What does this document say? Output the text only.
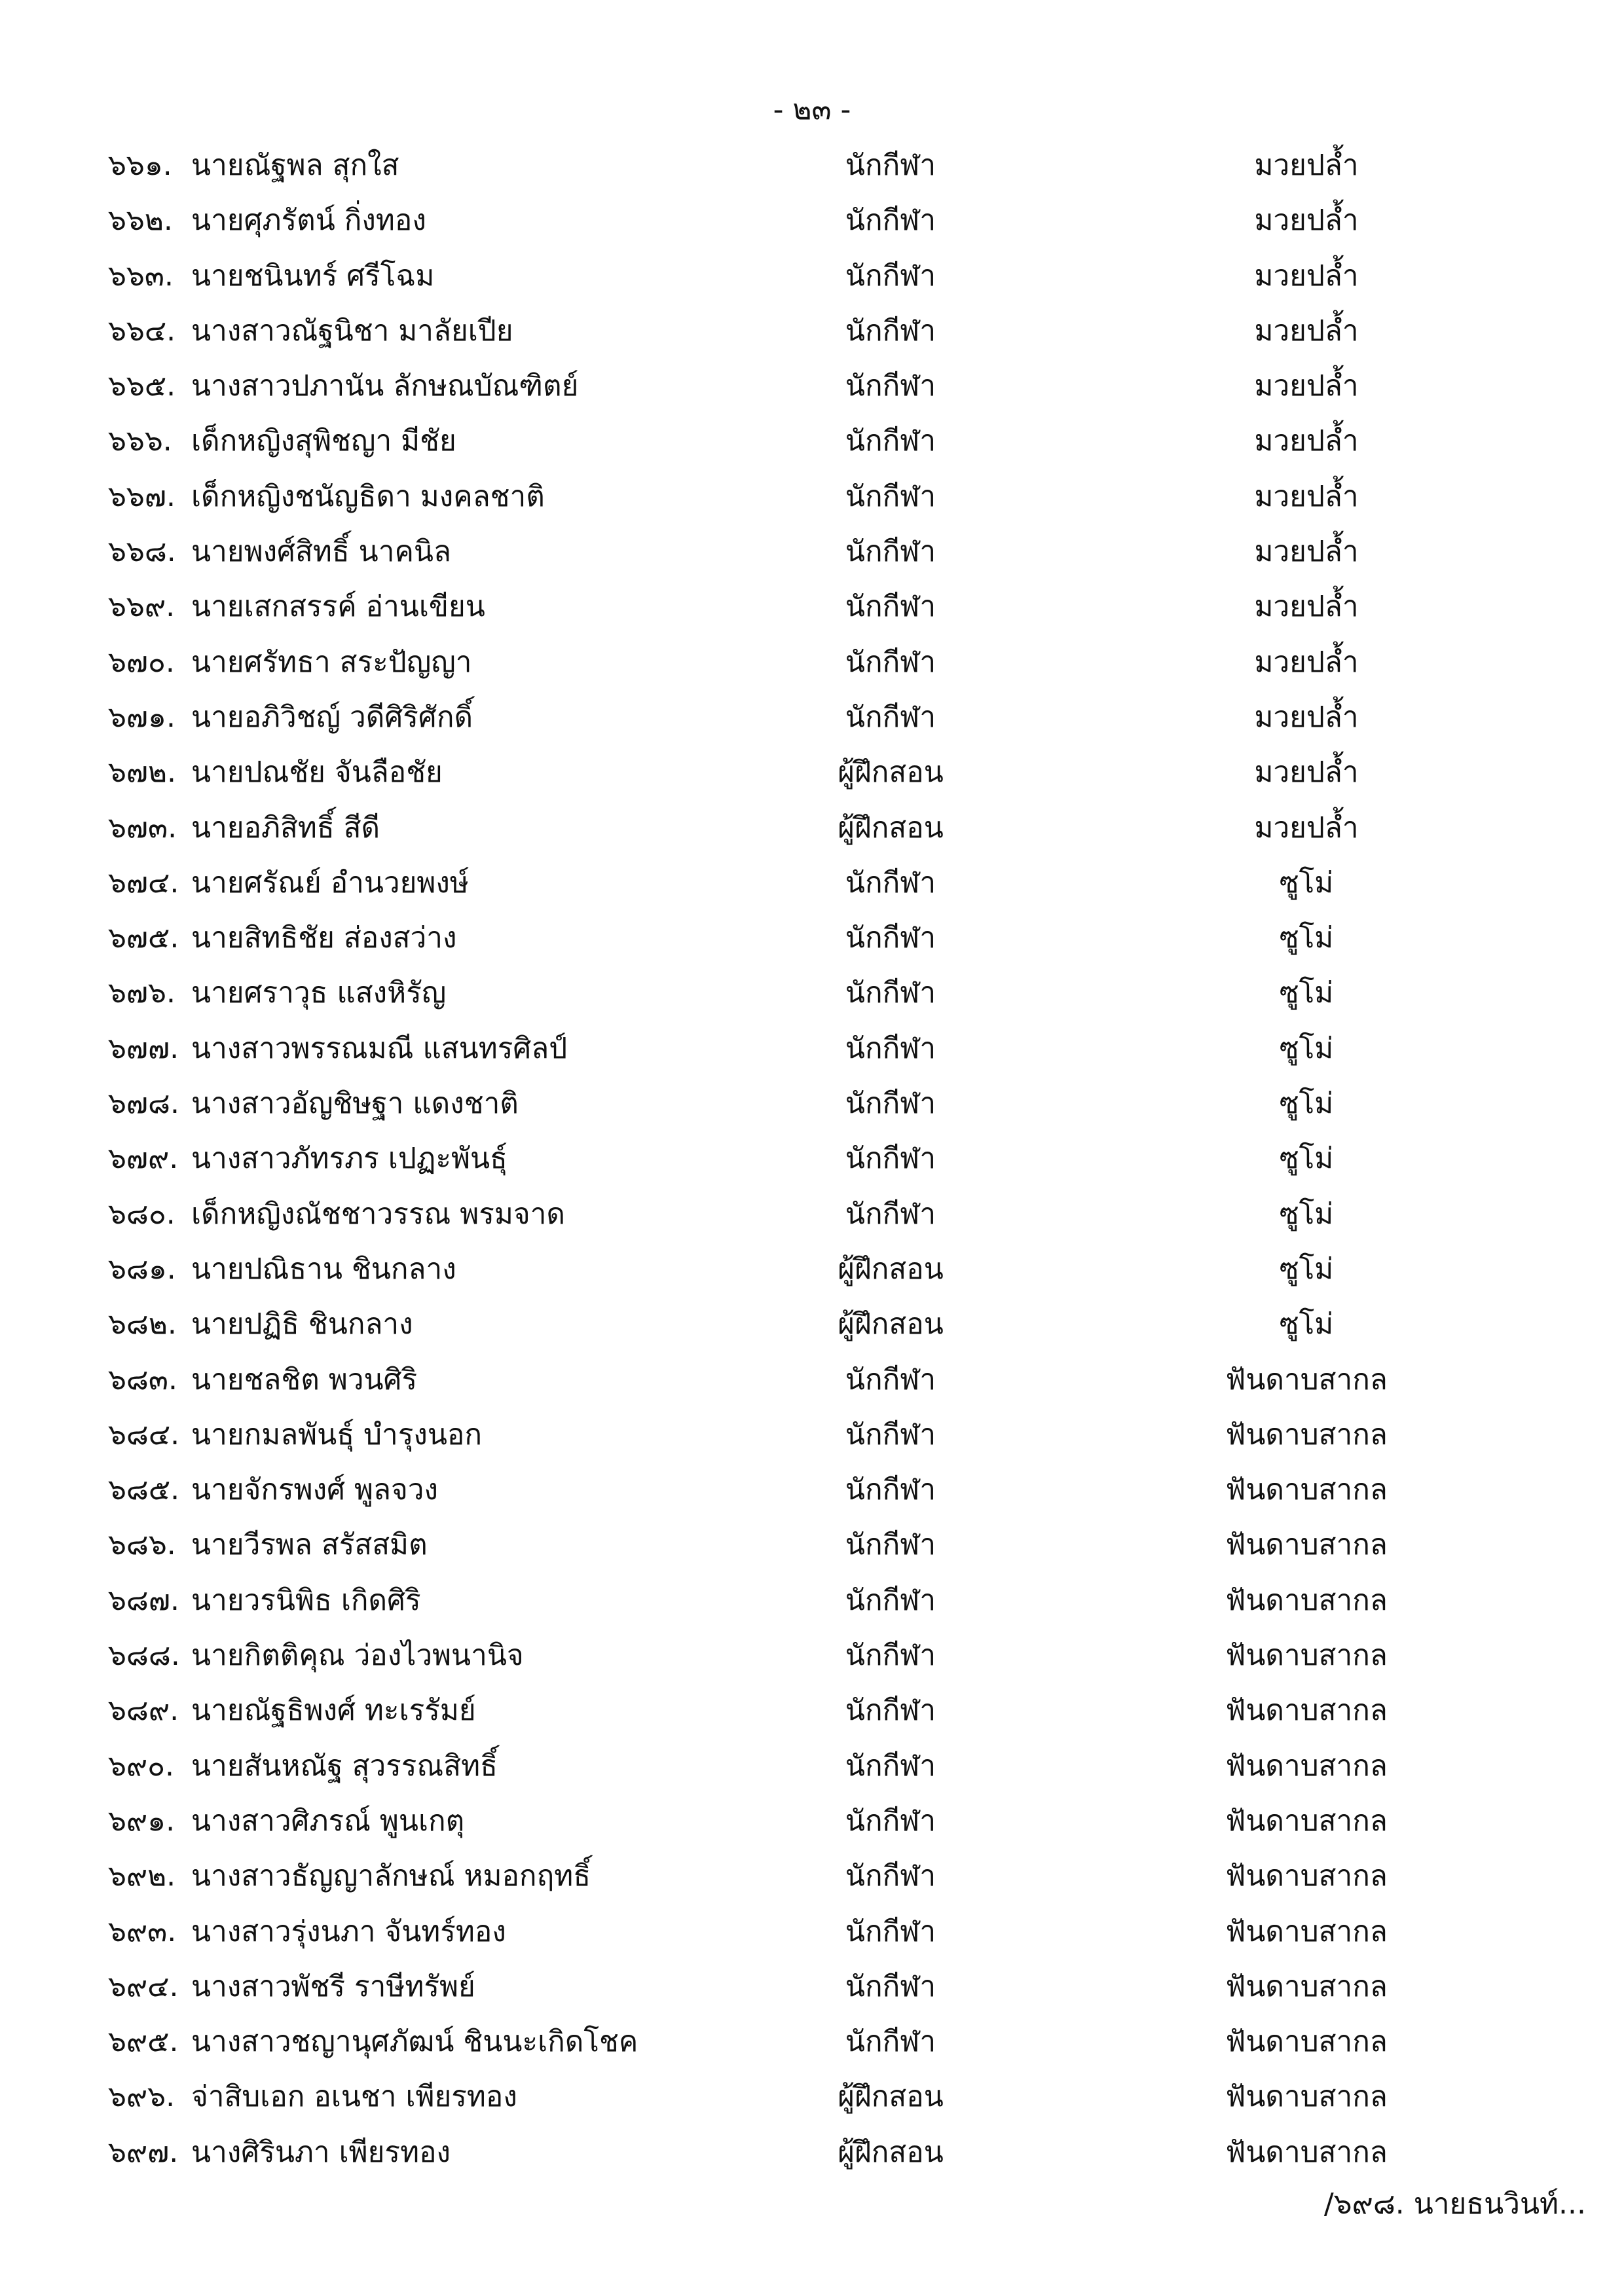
- ๒๓ -
๖๖๑. นายณัฐพล สุกใส	นักกีฬา	มวยปล้ำ
๖๖๒. นายศุภรัตน์ กิ่งทอง	นักกีฬา	มวยปล้ำ
๖๖๓. นายชนินทร์ ศรีโฉม	นักกีฬา	มวยปล้ำ
๖๖๔. นางสาวณัฐนิชา มาลัยเปีย	นักกีฬา	มวยปล้ำ
๖๖๕. นางสาวปภานัน ลักษณบัณฑิตย์	นักกีฬา	มวยปล้ำ
๖๖๖. เด็กหญิงสุพิชญา มีชัย	นักกีฬา	มวยปล้ำ
๖๖๗. เด็กหญิงชนัญธิดา มงคลชาติ	นักกีฬา	มวยปล้ำ
๖๖๘. นายพงศ์สิทธิ์ นาคนิล	นักกีฬา	มวยปล้ำ
๖๖๙. นายเสกสรรค์ อ่านเขียน	นักกีฬา	มวยปล้ำ
๖๗๐. นายศรัทธา สระปัญญา	นักกีฬา	มวยปล้ำ
๖๗๑. นายอภิวิชญ์ วดีศิริศักดิ์	นักกีฬา	มวยปล้ำ
๖๗๒. นายปณชัย จันลือชัย	ผู้ฝึกสอน	มวยปล้ำ
๖๗๓. นายอภิสิทธิ์ สีดี	ผู้ฝึกสอน	มวยปล้ำ
๖๗๔. นายศรัณย์ อำนวยพงษ์	นักกีฬา	ซูโม่
๖๗๕. นายสิทธิชัย ส่องสว่าง	นักกีฬา	ซูโม่
๖๗๖. นายศราวุธ แสงหิรัญ	นักกีฬา	ซูโม่
๖๗๗. นางสาวพรรณมณี แสนทรศิลป์	นักกีฬา	ซูโม่
๖๗๘. นางสาวอัญชิษฐา แดงชาติ	นักกีฬา	ซูโม่
๖๗๙. นางสาวภัทรภร เปฏะพันธุ์	นักกีฬา	ซูโม่
๖๘๐. เด็กหญิงณัชชาวรรณ พรมจาด	นักกีฬา	ซูโม่
๖๘๑. นายปณิธาน ชินกลาง	ผู้ฝึกสอน	ซูโม่
๖๘๒. นายปฏิธิ ชินกลาง	ผู้ฝึกสอน	ซูโม่
๖๘๓. นายชลชิต พวนศิริ	นักกีฬา	ฟันดาบสากล
๖๘๔. นายกมลพันธุ์ บำรุงนอก	นักกีฬา	ฟันดาบสากล
๖๘๕. นายจักรพงศ์ พูลจวง	นักกีฬา	ฟันดาบสากล
๖๘๖. นายวีรพล สรัสสมิต	นักกีฬา	ฟันดาบสากล
๖๘๗. นายวรนิพิธ เกิดศิริ	นักกีฬา	ฟันดาบสากล
๖๘๘. นายกิตติคุณ ว่องไวพนานิจ	นักกีฬา	ฟันดาบสากล
๖๘๙. นายณัฐธิพงศ์ ทะเรรัมย์	นักกีฬา	ฟันดาบสากล
๖๙๐. นายสันหณัฐ สุวรรณสิทธิ์	นักกีฬา	ฟันดาบสากล
๖๙๑. นางสาวศิภรณ์ พูนเกตุ	นักกีฬา	ฟันดาบสากล
๖๙๒. นางสาวธัญญาลักษณ์ หมอกฤทธิ์	นักกีฬา	ฟันดาบสากล
๖๙๓. นางสาวรุ่งนภา จันทร์ทอง	นักกีฬา	ฟันดาบสากล
๖๙๔. นางสาวพัชรี ราษีทรัพย์	นักกีฬา	ฟันดาบสากล
๖๙๕. นางสาวชญานุศภัฒน์ ชินนะเกิดโชค	นักกีฬา	ฟันดาบสากล
๖๙๖. จ่าสิบเอก อเนชา เพียรทอง	ผู้ฝึกสอน	ฟันดาบสากล
๖๙๗. นางศิรินภา เพียรทอง	ผู้ฝึกสอน	ฟันดาบสากล
/๖๙๘. นายธนวินท์...
